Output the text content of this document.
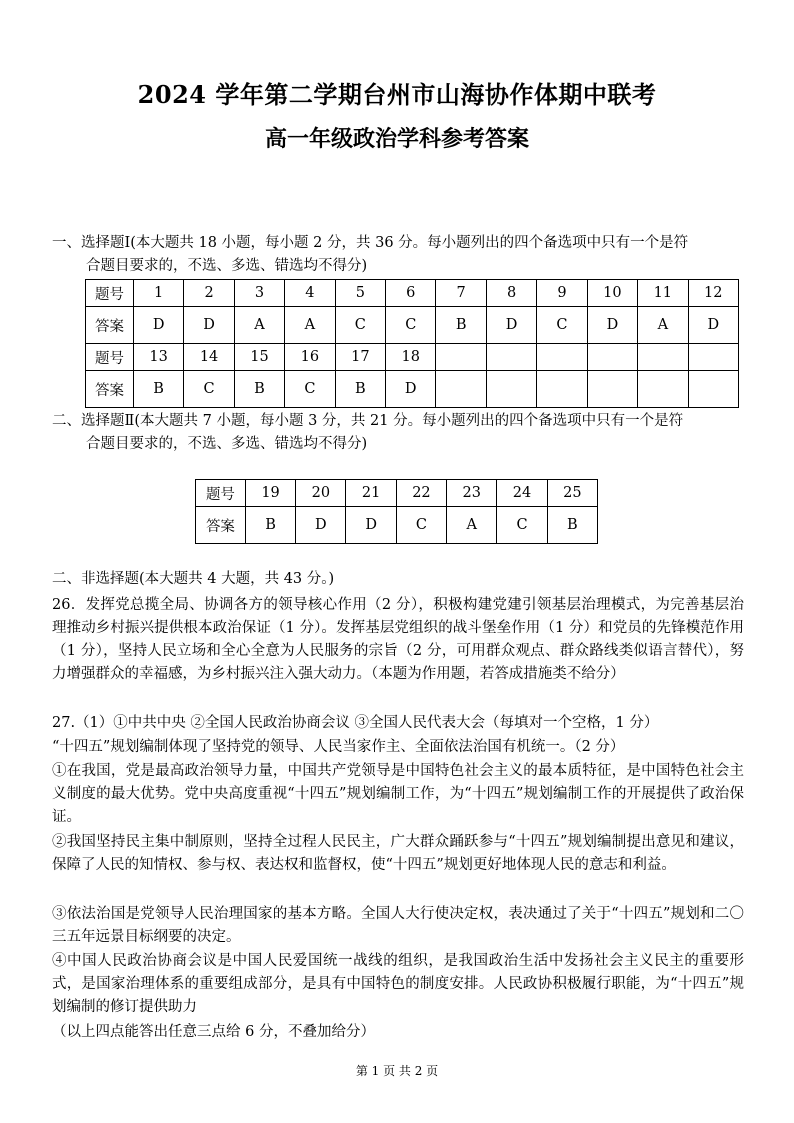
2024 学年第二学期台州市山海协作体期中联考
高一年级政治学科参考答案
一、选择题Ⅰ(本大题共 18 小题，每小题 2 分，共 36 分。每小题列出的四个备选项中只有一个是符
合题目要求的，不选、多选、错选均不得分)
题号	1	2	3	4	5	6	7	8	9	10	11	12
答案	D	D	A	A	C	C	B	D	C	D	A	D
题号	13	14	15	16	17	18						
答案	B	C	B	C	B	D						
二、选择题Ⅱ(本大题共 7 小题，每小题 3 分，共 21 分。每小题列出的四个备选项中只有一个是符
合题目要求的，不选、多选、错选均不得分)
题号	19	20	21	22	23	24	25
答案	B	D	D	C	A	C	B
二、非选择题(本大题共 4 大题，共 43 分。)
26．发挥党总揽全局、协调各方的领导核心作用（2 分），积极构建党建引领基层治理模式，为完善基层治理推动乡村振兴提供根本政治保证（1 分）。发挥基层党组织的战斗堡垒作用（1 分）和党员的先锋模范作用（1 分），坚持人民立场和全心全意为人民服务的宗旨（2 分，可用群众观点、群众路线类似语言替代），努力增强群众的幸福感，为乡村振兴注入强大动力。（本题为作用题，若答成措施类不给分）
27.（1）①中共中央 ②全国人民政治协商会议 ③全国人民代表大会（每填对一个空格，1 分）
“十四五”规划编制体现了坚持党的领导、人民当家作主、全面依法治国有机统一。（2 分）
①在我国，党是最高政治领导力量，中国共产党领导是中国特色社会主义的最本质特征，是中国特色社会主义制度的最大优势。党中央高度重视“十四五”规划编制工作，为“十四五”规划编制工作的开展提供了政治保证。
②我国坚持民主集中制原则，坚持全过程人民民主，广大群众踊跃参与“十四五”规划编制提出意见和建议，保障了人民的知情权、参与权、表达权和监督权，使“十四五”规划更好地体现人民的意志和利益。
③依法治国是党领导人民治理国家的基本方略。全国人大行使决定权，表决通过了关于“十四五”规划和二〇三五年远景目标纲要的决定。
④中国人民政治协商会议是中国人民爱国统一战线的组织，是我国政治生活中发扬社会主义民主的重要形式，是国家治理体系的重要组成部分，是具有中国特色的制度安排。人民政协积极履行职能，为“十四五”规划编制的修订提供助力
（以上四点能答出任意三点给 6 分，不叠加给分）
第 1 页 共 2 页
